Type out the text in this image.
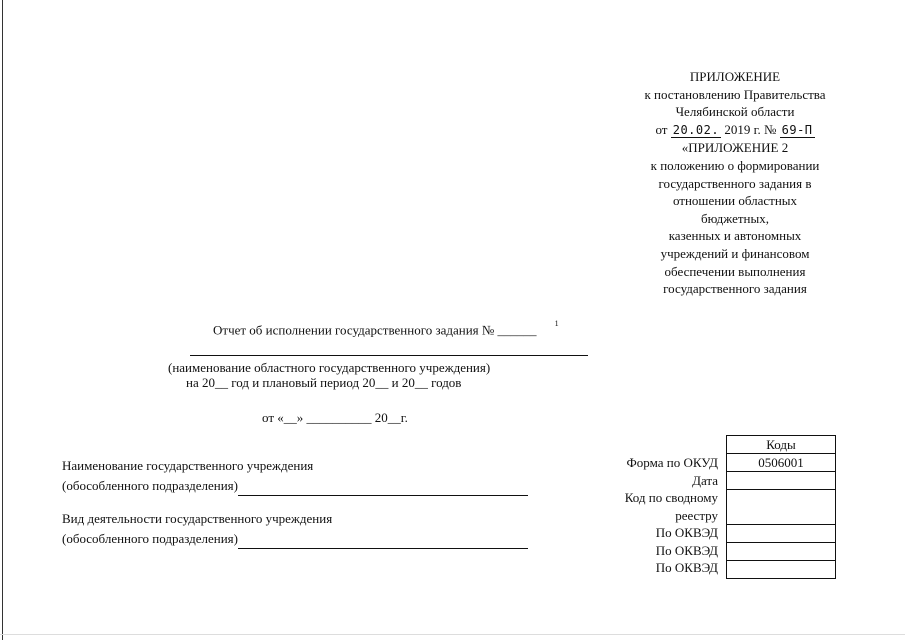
ПРИЛОЖЕНИЕ
к постановлению Правительства
Челябинской области
от 20.02. 2019 г. № 69-П
«ПРИЛОЖЕНИЕ 2
к положению о формировании
государственного задания в
отношении областных
бюджетных,
казенных и автономных
учреждений и финансовом
обеспечении выполнения
государственного задания
Отчет об исполнении государственного задания № ______ $^1$
(наименование областного государственного учреждения)
на 20__ год и плановый период 20__ и 20__ годов
от «__» __________ 20__г.
Наименование государственного учреждения
(обособленного подразделения)
Вид деятельности государственного учреждения
(обособленного подразделения)
Форма по ОКУД
Дата
Код по сводному
реестру
По ОКВЭД
По ОКВЭД
По ОКВЭД
Коды
0506001
